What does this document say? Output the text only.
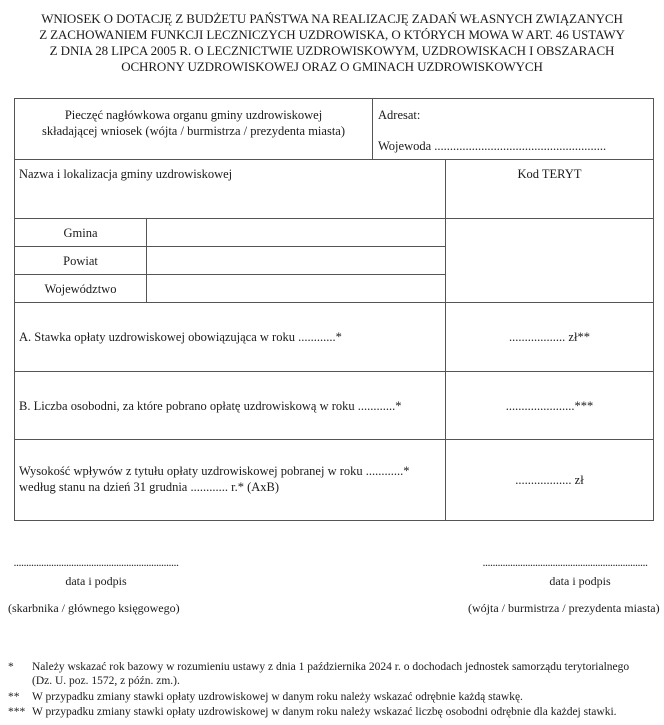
WNIOSEK O DOTACJĘ Z BUDŻETU PAŃSTWA NA REALIZACJĘ ZADAŃ WŁASNYCH ZWIĄZANYCH
Z ZACHOWANIEM FUNKCJI LECZNICZYCH UZDROWISKA, O KTÓRYCH MOWA W ART. 46 USTAWY
Z DNIA 28 LIPCA 2005 R. O LECZNICTWIE UZDROWISKOWYM, UZDROWISKACH I OBSZARACH
OCHRONY UZDROWISKOWEJ ORAZ O GMINACH UZDROWISKOWYCH
Pieczęć nagłówkowa organu gminy uzdrowiskowej
składającej wniosek (wójta / burmistrza / prezydenta miasta)
Adresat:
Wojewoda .......................................................
Nazwa i lokalizacja gminy uzdrowiskowej	Kod TERYT
Gmina
Powiat
Województwo
A. Stawka opłaty uzdrowiskowej obowiązująca w roku ............*	.................. zł**
B. Liczba osobodni, za które pobrano opłatę uzdrowiskową w roku ............*	......................***
Wysokość wpływów z tytułu opłaty uzdrowiskowej pobranej w roku ............*
według stanu na dzień 31 grudnia ............ r.* (AxB)	.................. zł
..................................................................
data i podpis
(skarbnika / głównego księgowego)
..................................................................
data i podpis
(wójta / burmistrza / prezydenta miasta)
* Należy wskazać rok bazowy w rozumieniu ustawy z dnia 1 października 2024 r. o dochodach jednostek samorządu terytorialnego
(Dz. U. poz. 1572, z późn. zm.).
** W przypadku zmiany stawki opłaty uzdrowiskowej w danym roku należy wskazać odrębnie każdą stawkę.
*** W przypadku zmiany stawki opłaty uzdrowiskowej w danym roku należy wskazać liczbę osobodni odrębnie dla każdej stawki.
